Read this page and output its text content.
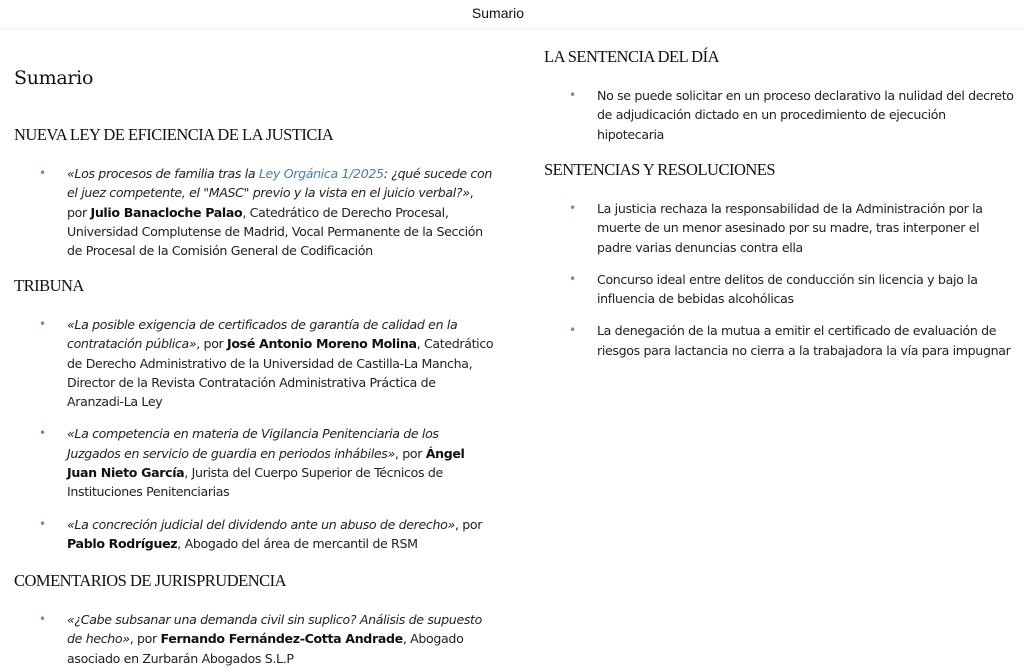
Sumario
Sumario
NUEVA LEY DE EFICIENCIA DE LA JUSTICIA
• «Los procesos de familia tras la Ley Orgánica 1/2025: ¿qué sucede con el juez competente, el "MASC" previo y la vista en el juicio verbal?», por Julio Banacloche Palao, Catedrático de Derecho Procesal, Universidad Complutense de Madrid, Vocal Permanente de la Sección de Procesal de la Comisión General de Codificación
TRIBUNA
• «La posible exigencia de certificados de garantía de calidad en la contratación pública», por José Antonio Moreno Molina, Catedrático de Derecho Administrativo de la Universidad de Castilla-La Mancha, Director de la Revista Contratación Administrativa Práctica de Aranzadi-La Ley
• «La competencia en materia de Vigilancia Penitenciaria de los Juzgados en servicio de guardia en periodos inhábiles», por Ángel Juan Nieto García, Jurista del Cuerpo Superior de Técnicos de Instituciones Penitenciarias
• «La concreción judicial del dividendo ante un abuso de derecho», por Pablo Rodríguez, Abogado del área de mercantil de RSM
COMENTARIOS DE JURISPRUDENCIA
• «¿Cabe subsanar una demanda civil sin suplico? Análisis de supuesto de hecho», por Fernando Fernández-Cotta Andrade, Abogado asociado en Zurbarán Abogados S.L.P
LA SENTENCIA DEL DÍA
• No se puede solicitar en un proceso declarativo la nulidad del decreto de adjudicación dictado en un procedimiento de ejecución hipotecaria
SENTENCIAS Y RESOLUCIONES
• La justicia rechaza la responsabilidad de la Administración por la muerte de un menor asesinado por su madre, tras interponer el padre varias denuncias contra ella
• Concurso ideal entre delitos de conducción sin licencia y bajo la influencia de bebidas alcohólicas
• La denegación de la mutua a emitir el certificado de evaluación de riesgos para lactancia no cierra a la trabajadora la vía para impugnar
